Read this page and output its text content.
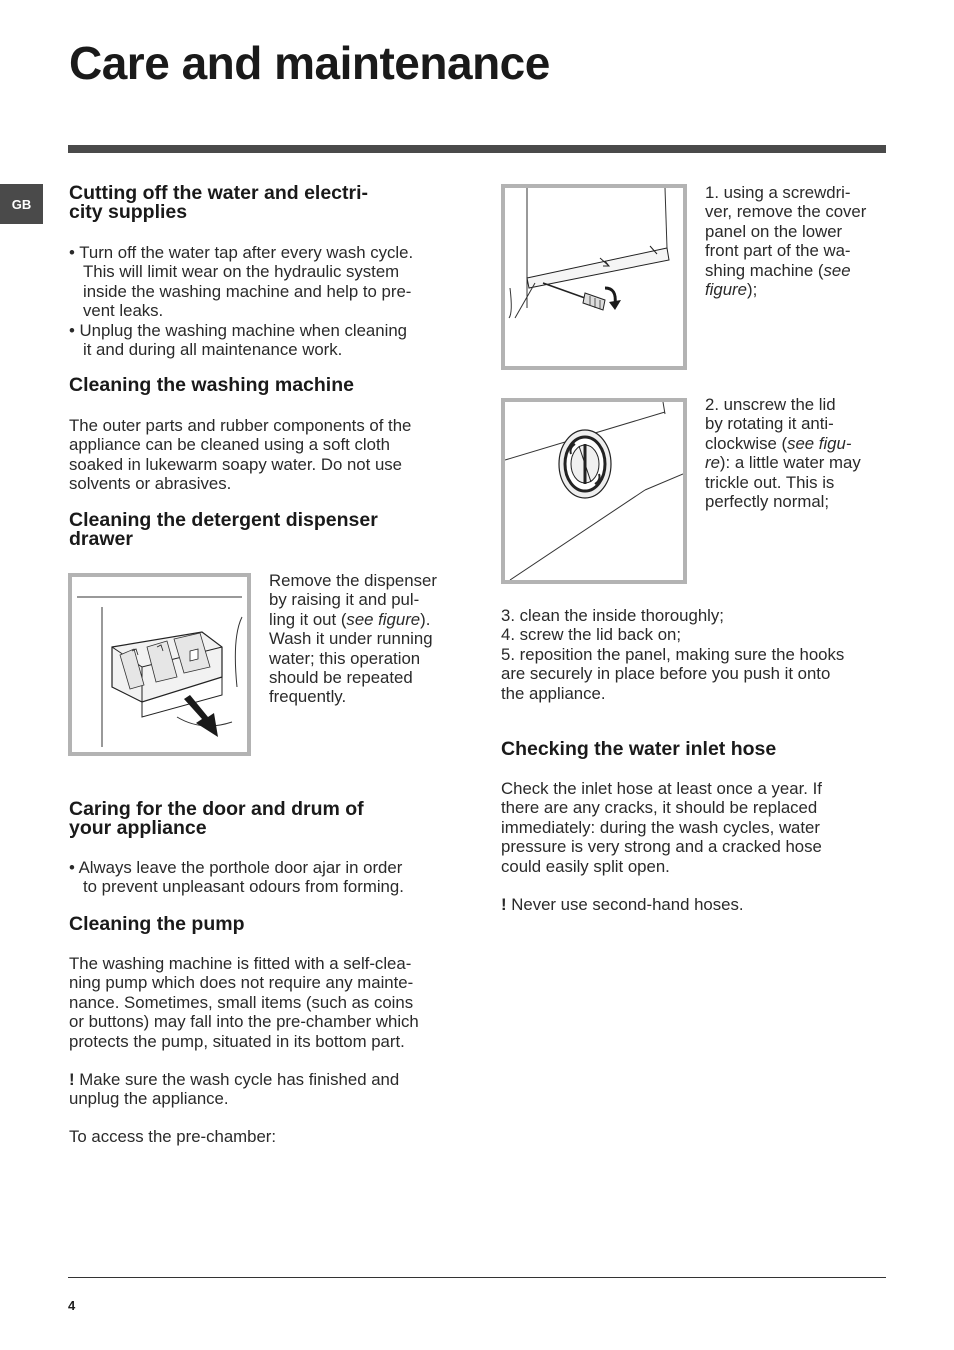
Care and maintenance
GB	Cutting off the water and electri-

city supplies

• Turn off the water tap after every wash cycle.

This will limit wear on the hydraulic system

inside the washing machine and help to pre-

vent leaks.

• Unplug the washing machine when cleaning

it and during all maintenance work.

Cleaning the washing machine

The outer parts and rubber components of the

appliance can be cleaned using a soft cloth

soaked in lukewarm soapy water. Do not use

solvents or abrasives.

Cleaning the detergent dispenser

drawer

Remove the dispenser

by raising it and pul-

ling it out (see figure).

Wash it under running

water; this operation

should be repeated

frequently.

Caring for the door and drum of

your appliance

• Always leave the porthole door ajar in order

to prevent unpleasant odours from forming.

Cleaning the pump

The washing machine is fitted with a self-clea-

ning pump which does not require any mainte-

nance. Sometimes, small items (such as coins

or buttons) may fall into the pre-chamber which

protects the pump, situated in its bottom part.

! Make sure the wash cycle has finished and

unplug the appliance.

To access the pre-chamber:

1. using a screwdri-

ver, remove the cover

panel on the lower

front part of the wa-

shing machine (see

figure);

2. unscrew the lid

by rotating it anti-

clockwise (see figu-

re): a little water may

trickle out. This is

perfectly normal;

3. clean the inside thoroughly;

4. screw the lid back on;

5. reposition the panel, making sure the hooks

are securely in place before you push it onto

the appliance.

Checking the water inlet hose

Check the inlet hose at least once a year. If

there are any cracks, it should be replaced

immediately: during the wash cycles, water

pressure is very strong and a cracked hose

could easily split open.

! Never use second-hand hoses.

4
